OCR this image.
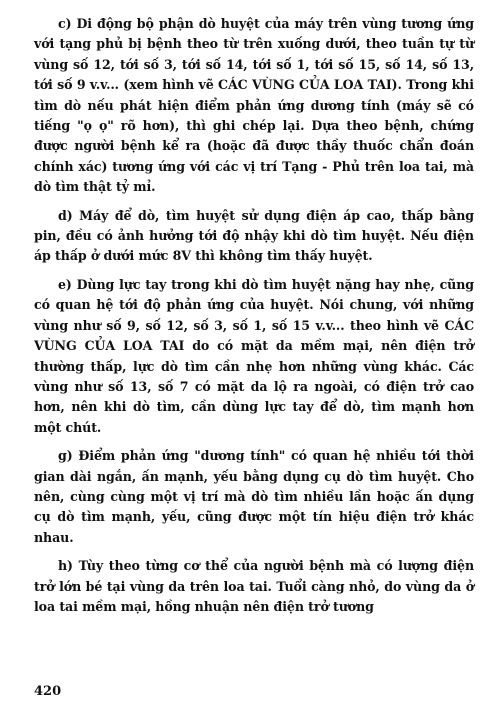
c) Di động bộ phận dò huyệt của máy trên vùng tương ứng với tạng phủ bị bệnh theo từ trên xuống dưới, theo tuần tự từ vùng số 12, tới số 3, tới số 14, tới số 1, tới số 15, số 14, số 13, tới số 9 v.v... (xem hình vẽ CÁC VÙNG CỦA LOA TAI). Trong khi tìm dò nếu phát hiện điểm phản ứng dương tính (máy sẽ có tiếng "ọ ọ" rõ hơn), thì ghi chép lại. Dựa theo bệnh, chứng được người bệnh kể ra (hoặc đã được thầy thuốc chẩn đoán chính xác) tương ứng với các vị trí Tạng - Phủ trên loa tai, mà dò tìm thật tỷ mỉ.

d) Máy để dò, tìm huyệt sử dụng điện áp cao, thấp bằng pin, đều có ảnh hưởng tới độ nhậy khi dò tìm huyệt. Nếu điện áp thấp ở dưới mức 8V thì không tìm thấy huyệt.

e) Dùng lực tay trong khi dò tìm huyệt nặng hay nhẹ, cũng có quan hệ tới độ phản ứng của huyệt. Nói chung, với những vùng như số 9, số 12, số 3, số 1, số 15 v.v... theo hình vẽ CÁC VÙNG CỦA LOA TAI do có mặt da mềm mại, nên điện trở thường thấp, lực dò tìm cần nhẹ hơn những vùng khác. Các vùng như số 13, số 7 có mặt da lộ ra ngoài, có điện trở cao hơn, nên khi dò tìm, cần dùng lực tay để dò, tìm mạnh hơn một chút.

g) Điểm phản ứng "dương tính" có quan hệ nhiều tới thời gian dài ngắn, ấn mạnh, yếu bằng dụng cụ dò tìm huyệt. Cho nên, cùng cùng một vị trí mà dò tìm nhiều lần hoặc ấn dụng cụ dò tìm mạnh, yếu, cũng được một tín hiệu điện trở khác nhau.

h) Tùy theo từng cơ thể của người bệnh mà có lượng điện trở lớn bé tại vùng da trên loa tai. Tuổi càng nhỏ, do vùng da ở loa tai mềm mại, hồng nhuận nên điện trở tương

420
